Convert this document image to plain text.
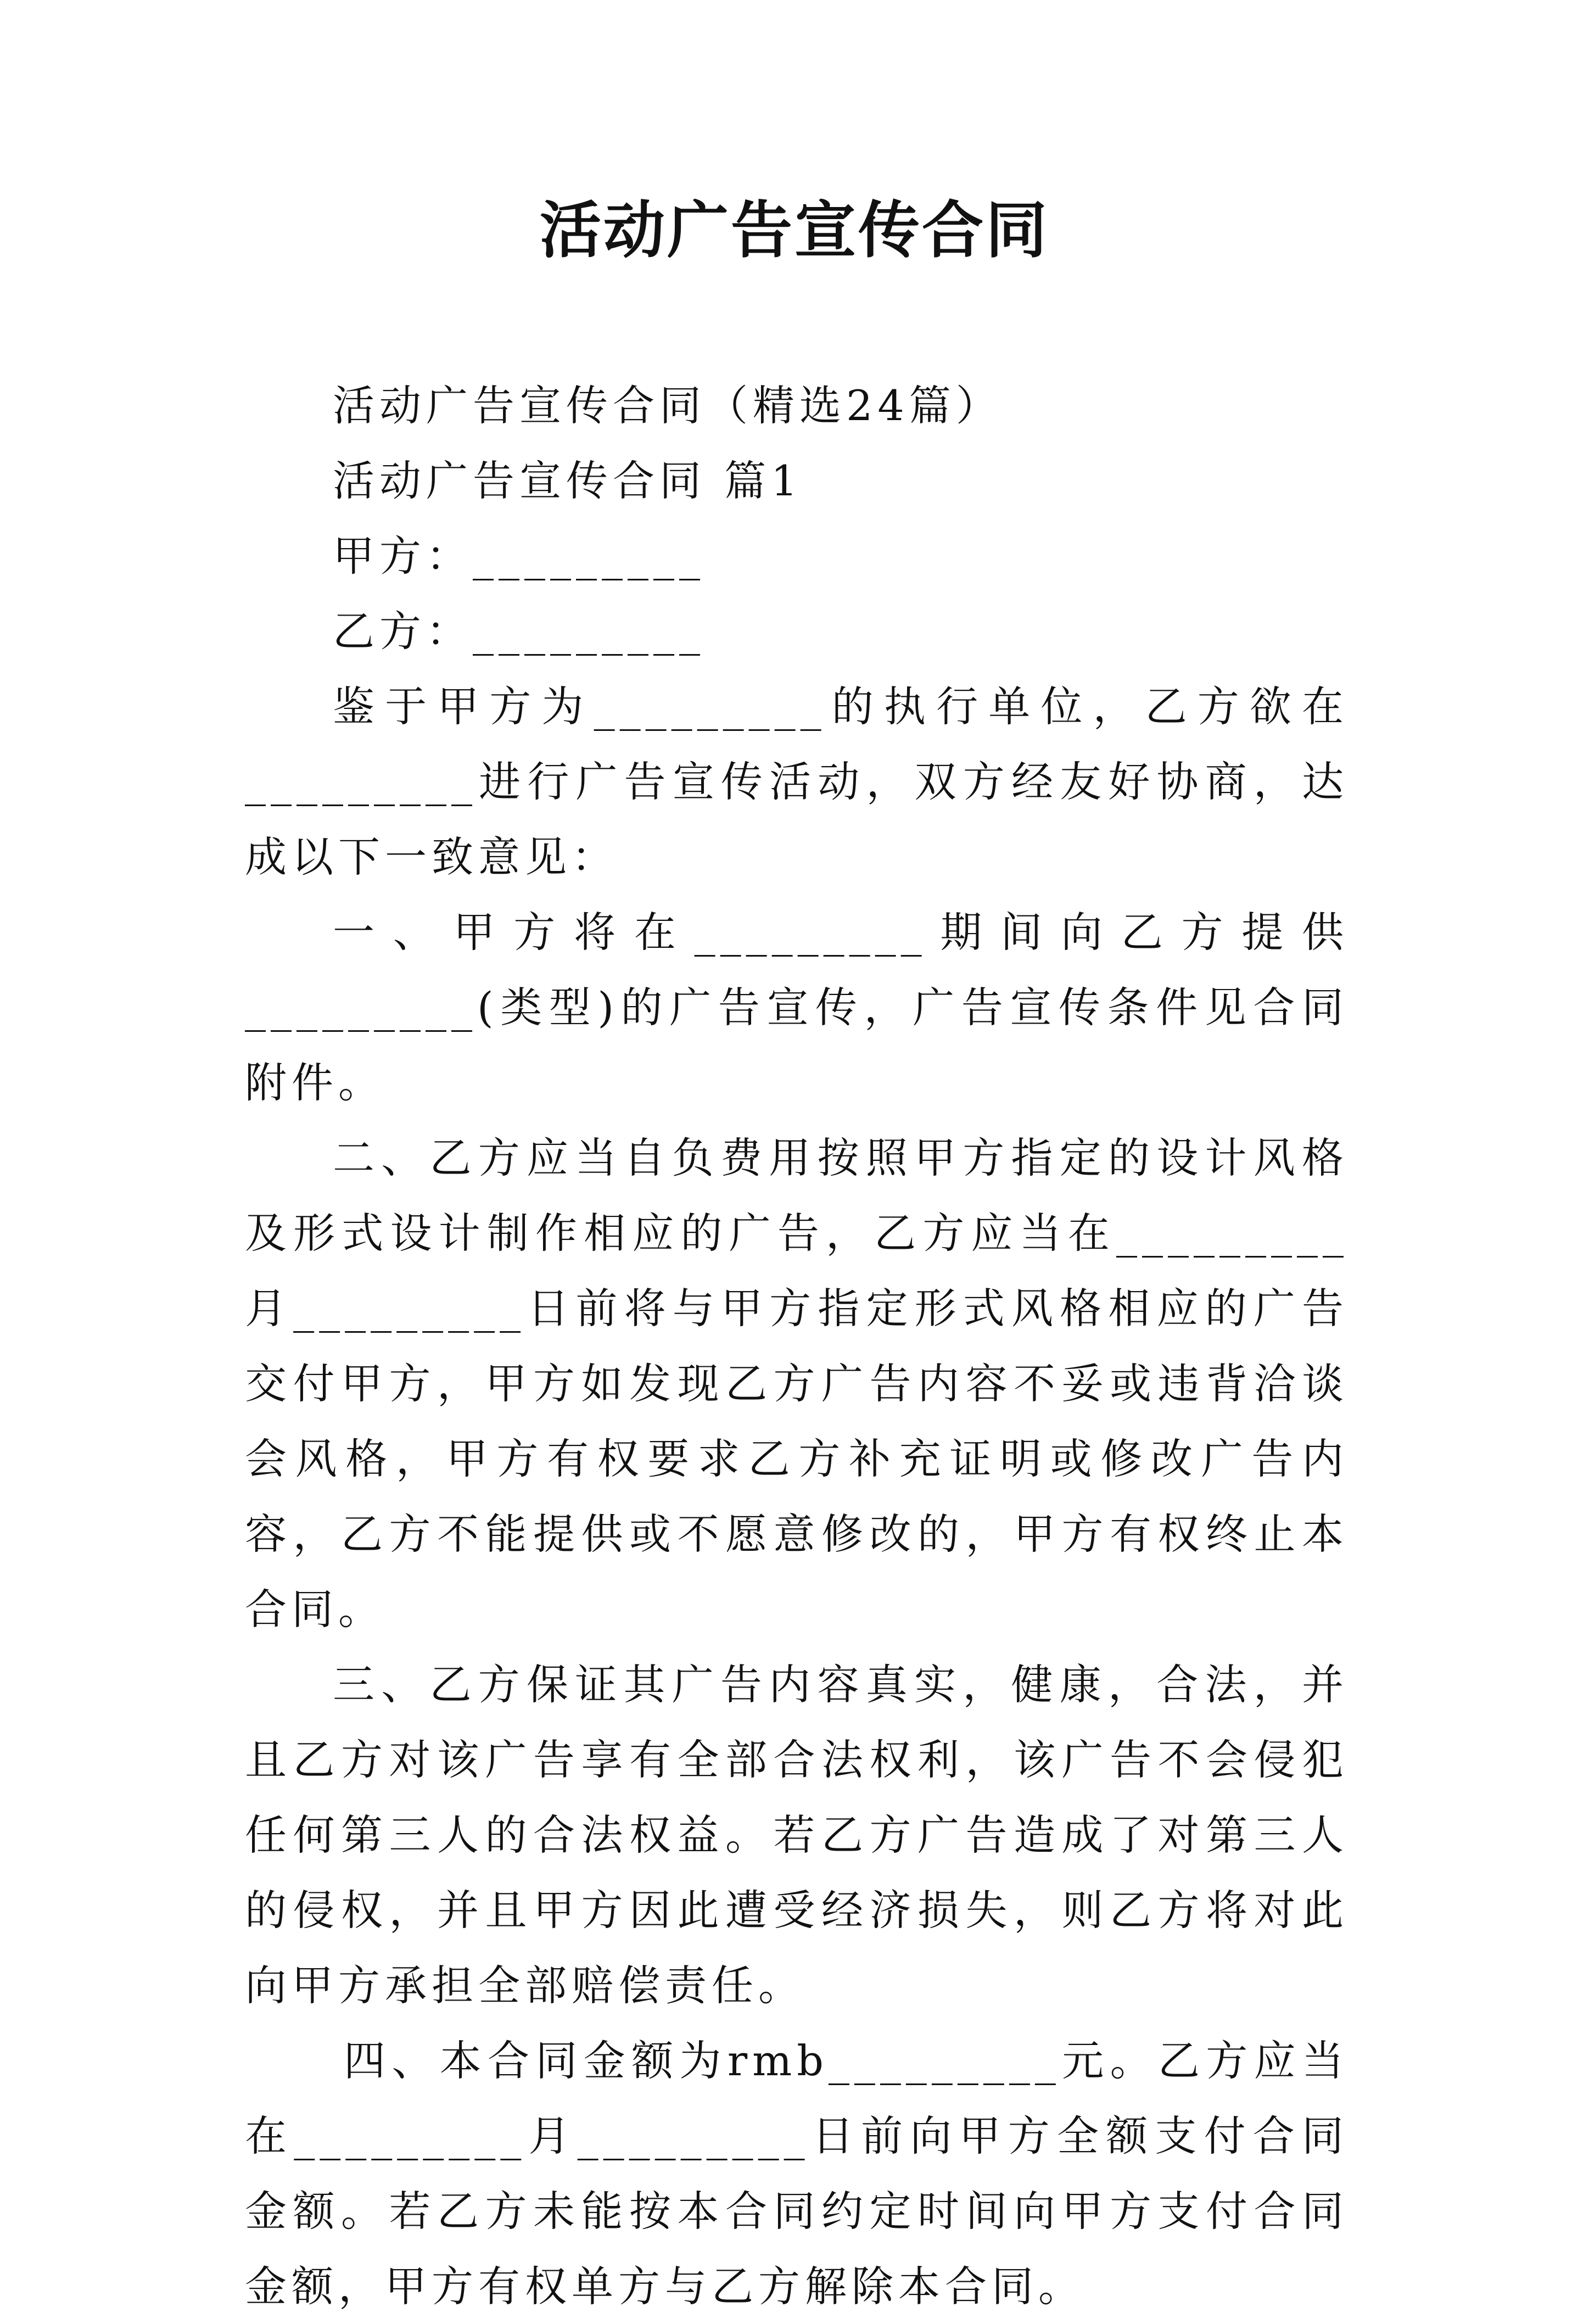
活动广告宣传合同

活动广告宣传合同（精选24篇）

活动广告宣传合同 篇1

甲方：_________

乙方：_________

鉴于甲方为_________的执行单位，乙方欲在_________进行广告宣传活动，双方经友好协商，达成以下一致意见：

一、甲方将在_________期间向乙方提供_________(类型)的广告宣传，广告宣传条件见合同附件。

二、乙方应当自负费用按照甲方指定的设计风格及形式设计制作相应的广告，乙方应当在_________月_________日前将与甲方指定形式风格相应的广告交付甲方，甲方如发现乙方广告内容不妥或违背洽谈会风格，甲方有权要求乙方补充证明或修改广告内容，乙方不能提供或不愿意修改的，甲方有权终止本合同。

三、乙方保证其广告内容真实，健康，合法，并且乙方对该广告享有全部合法权利，该广告不会侵犯任何第三人的合法权益。若乙方广告造成了对第三人的侵权，并且甲方因此遭受经济损失，则乙方将对此向甲方承担全部赔偿责任。

四、本合同金额为rmb_________元。乙方应当在_________月_________日前向甲方全额支付合同金额。若乙方未能按本合同约定时间向甲方支付合同金额，甲方有权单方与乙方解除本合同。
